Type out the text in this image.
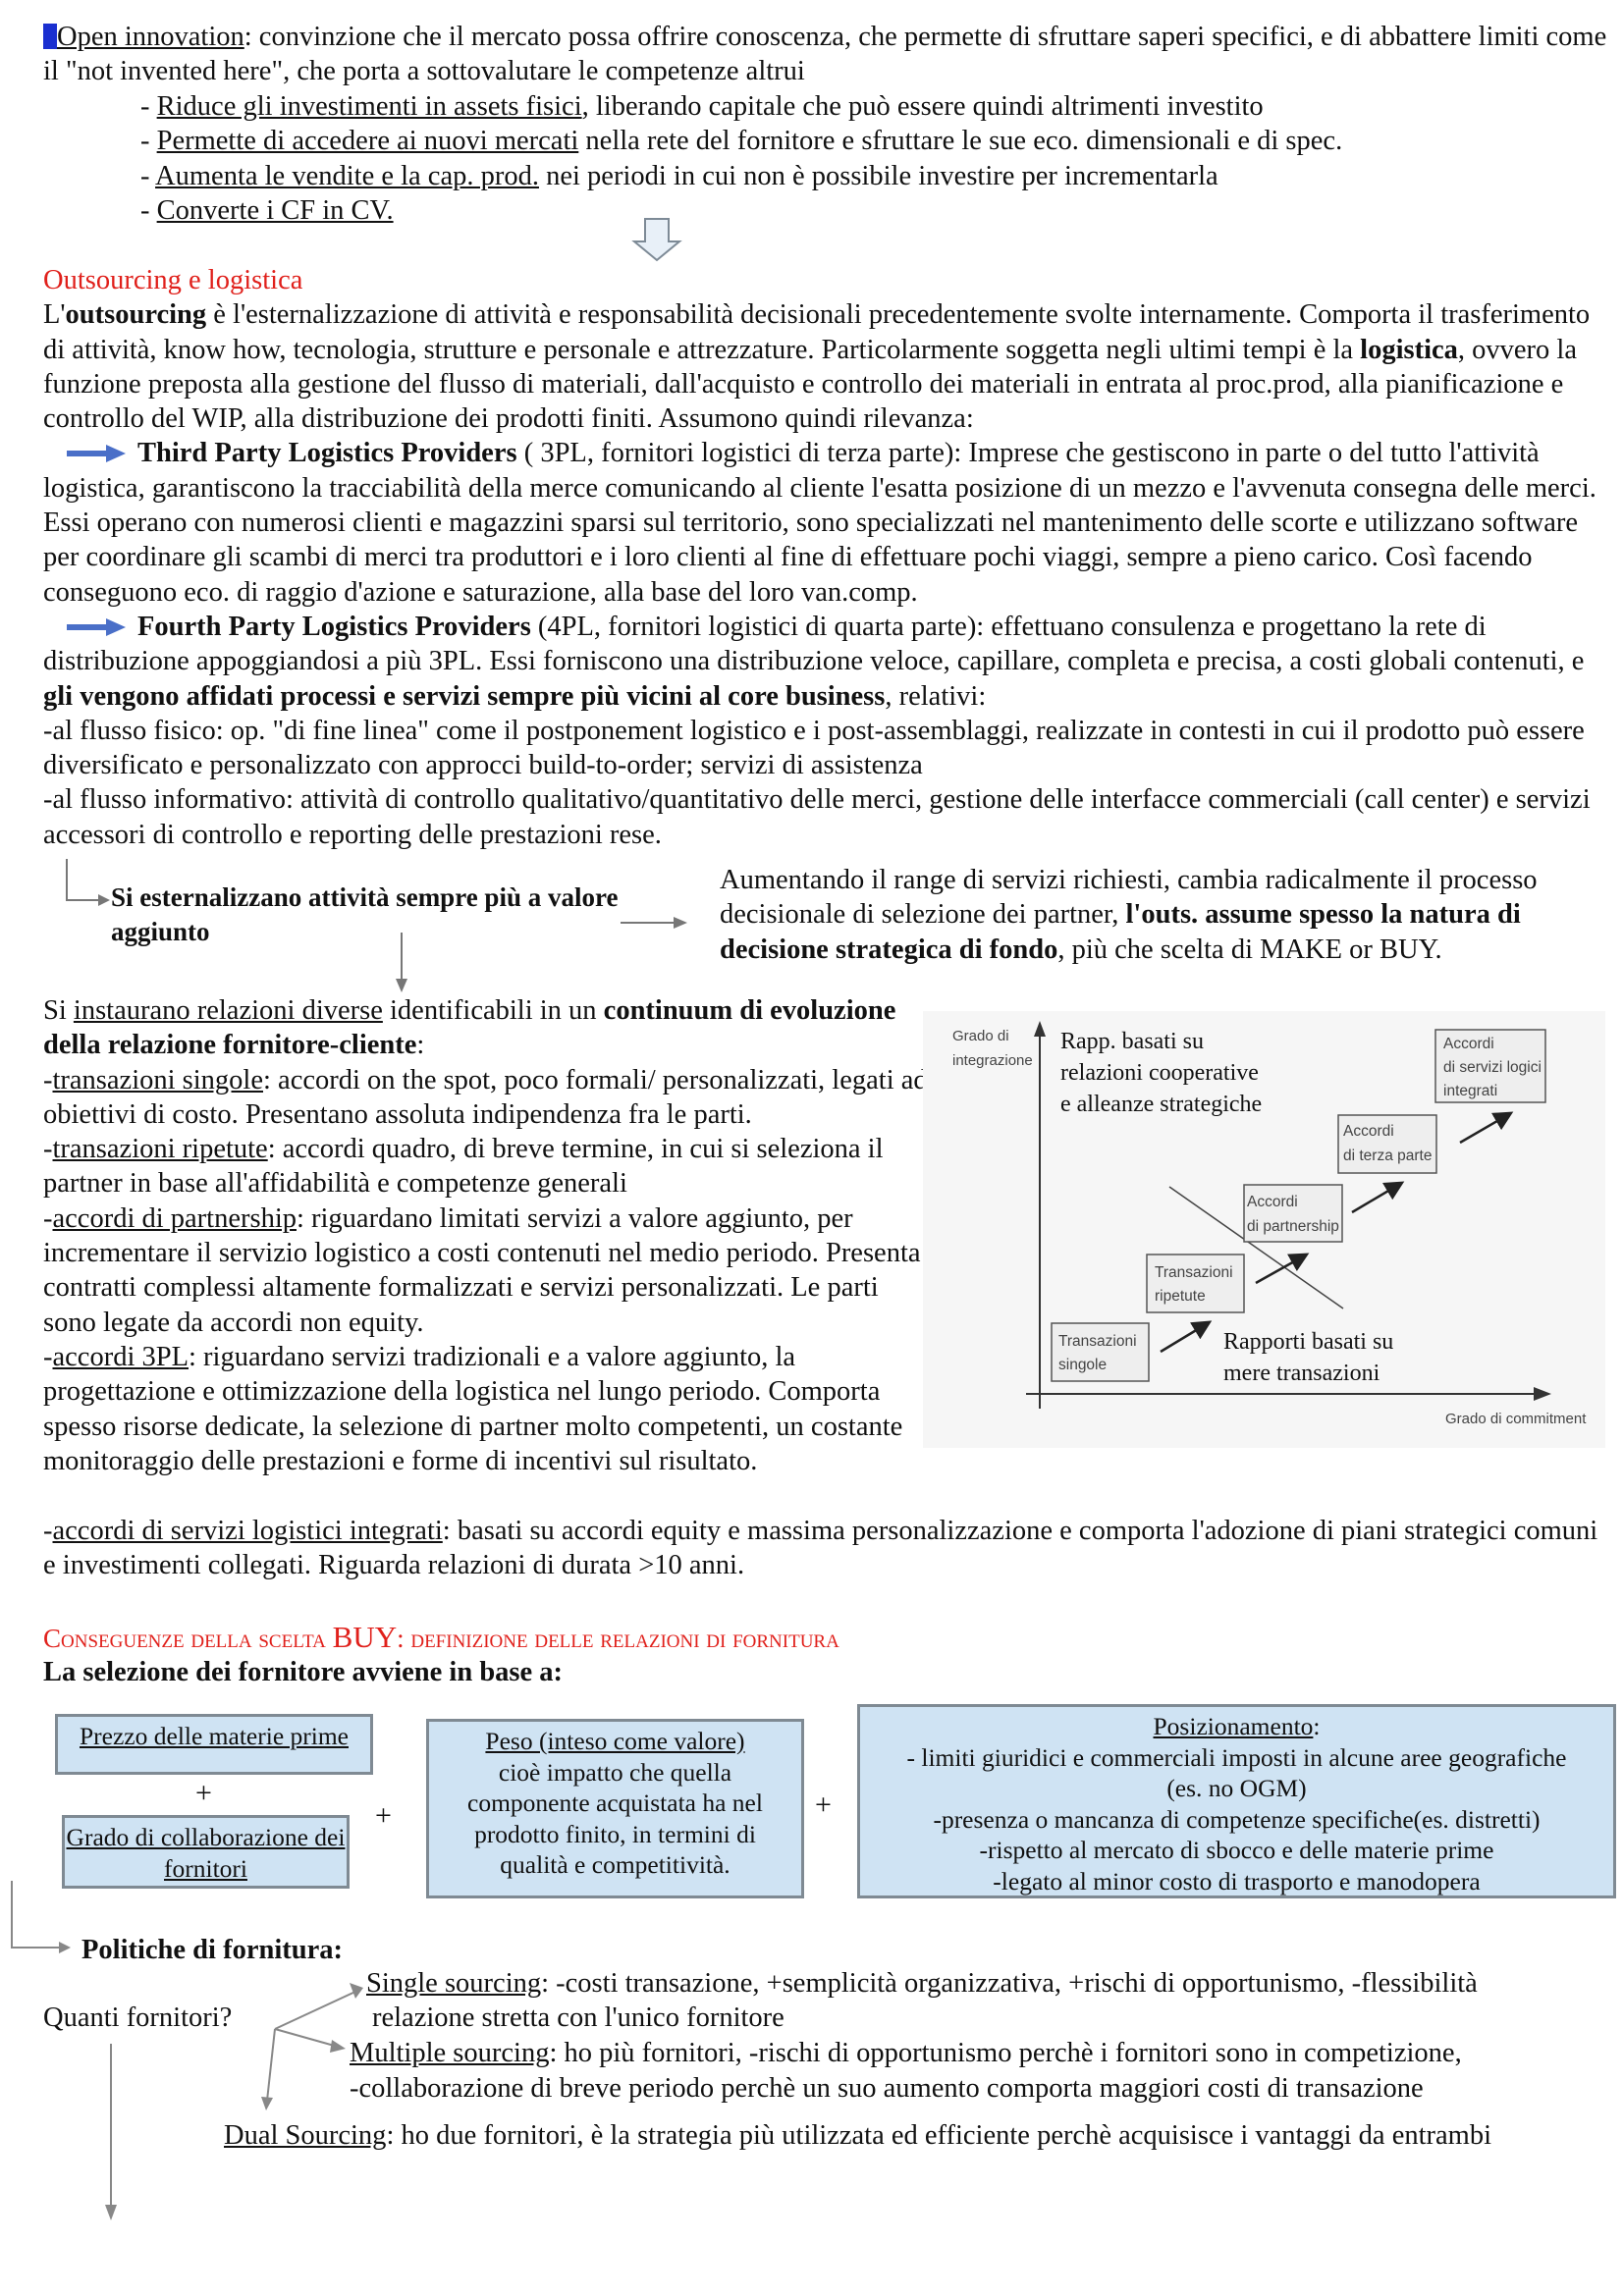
Open innovation: convinzione che il mercato possa offrire conoscenza, che permette di sfruttare saperi specifici, e di abbattere limiti come il "not invented here", che porta a sottovalutare le competenze altrui
- Riduce gli investimenti in assets fisici, liberando capitale che può essere quindi altrimenti investito
- Permette di accedere ai nuovi mercati nella rete del fornitore e sfruttare le sue eco. dimensionali e di spec.
- Aumenta le vendite e la cap. prod. nei periodi in cui non è possibile investire per incrementarla
- Converte i CF in CV.
Outsourcing e logistica
L'outsourcing è l'esternalizzazione di attività e responsabilità decisionali precedentemente svolte internamente. Comporta il trasferimento di attività, know how, tecnologia, strutture e personale e attrezzature. Particolarmente soggetta negli ultimi tempi è la logistica, ovvero la funzione preposta alla gestione del flusso di materiali, dall'acquisto e controllo dei materiali in entrata al proc.prod, alla pianificazione e controllo del WIP, alla distribuzione dei prodotti finiti. Assumono quindi rilevanza:
Third Party Logistics Providers ( 3PL, fornitori logistici di terza parte): Imprese che gestiscono in parte o del tutto l'attività logistica, garantiscono la tracciabilità della merce comunicando al cliente l'esatta posizione di un mezzo e l'avvenuta consegna delle merci. Essi operano con numerosi clienti e magazzini sparsi sul territorio, sono specializzati nel mantenimento delle scorte e utilizzano software per coordinare gli scambi di merci tra produttori e i loro clienti al fine di effettuare pochi viaggi, sempre a pieno carico. Così facendo conseguono eco. di raggio d'azione e saturazione, alla base del loro van.comp.
Fourth Party Logistics Providers (4PL, fornitori logistici di quarta parte): effettuano consulenza e progettano la rete di distribuzione appoggiandosi a più 3PL. Essi forniscono una distribuzione veloce, capillare, completa e precisa, a costi globali contenuti, e gli vengono affidati processi e servizi sempre più vicini al core business, relativi:
-al flusso fisico: op. "di fine linea" come il postponement logistico e i post-assemblaggi, realizzate in contesti in cui il prodotto può essere diversificato e personalizzato con approcci build-to-order; servizi di assistenza
-al flusso informativo: attività di controllo qualitativo/quantitativo delle merci, gestione delle interfacce commerciali (call center) e servizi accessori di controllo e reporting delle prestazioni rese.
Si esternalizzano attività sempre più a valore aggiunto
Aumentando il range di servizi richiesti, cambia radicalmente il processo decisionale di selezione dei partner, l'outs. assume spesso la natura di decisione strategica di fondo, più che scelta di MAKE or BUY.
Si instaurano relazioni diverse identificabili in un continuum di evoluzione della relazione fornitore-cliente:
-transazioni singole: accordi on the spot, poco formali/ personalizzati, legati ad obiettivi di costo. Presentano assoluta indipendenza fra le parti.
-transazioni ripetute: accordi quadro, di breve termine, in cui si seleziona il partner in base all'affidabilità e competenze generali
-accordi di partnership: riguardano limitati servizi a valore aggiunto, per incrementare il servizio logistico a costi contenuti nel medio periodo. Presenta contratti complessi altamente formalizzati e servizi personalizzati. Le parti sono legate da accordi non equity.
-accordi 3PL: riguardano servizi tradizionali e a valore aggiunto, la progettazione e ottimizzazione della logistica nel lungo periodo. Comporta spesso risorse dedicate, la selezione di partner molto competenti, un costante monitoraggio delle prestazioni e forme di incentivi sul risultato.
-accordi di servizi logistici integrati: basati su accordi equity e massima personalizzazione e comporta l'adozione di piani strategici comuni e investimenti collegati. Riguarda relazioni di durata >10 anni.
Grado di
integrazione
Grado di commitment
Rapp. basati su
relazioni cooperative
e alleanze strategiche
Rapporti basati su
mere transazioni
Transazioni
singole
Transazioni
ripetute
Accordi
di partnership
Accordi
di terza parte
Accordi
di servizi logici
integrati
Conseguenze della scelta BUY: definizione delle relazioni di fornitura
La selezione dei fornitore avviene in base a:
Prezzo delle materie prime
+
Grado di collaborazione dei fornitori
+
Peso (inteso come valore)
cioè impatto che quella componente acquistata ha nel prodotto finito, in termini di qualità e competitività.
+
Posizionamento:
- limiti giuridici e commerciali imposti in alcune aree geografiche (es. no OGM)
-presenza o mancanza di competenze specifiche(es. distretti)
-rispetto al mercato di sbocco e delle materie prime
-legato al minor costo di trasporto e manodopera
Politiche di fornitura:
Quanti fornitori?
Single sourcing: -costi transazione, +semplicità organizzativa, +rischi di opportunismo, -flessibilità
relazione stretta con l'unico fornitore
Multiple sourcing: ho più fornitori, -rischi di opportunismo perchè i fornitori sono in competizione,
-collaborazione di breve periodo perchè un suo aumento comporta maggiori costi di transazione
Dual Sourcing: ho due fornitori, è la strategia più utilizzata ed efficiente perchè acquisisce i vantaggi da entrambi
